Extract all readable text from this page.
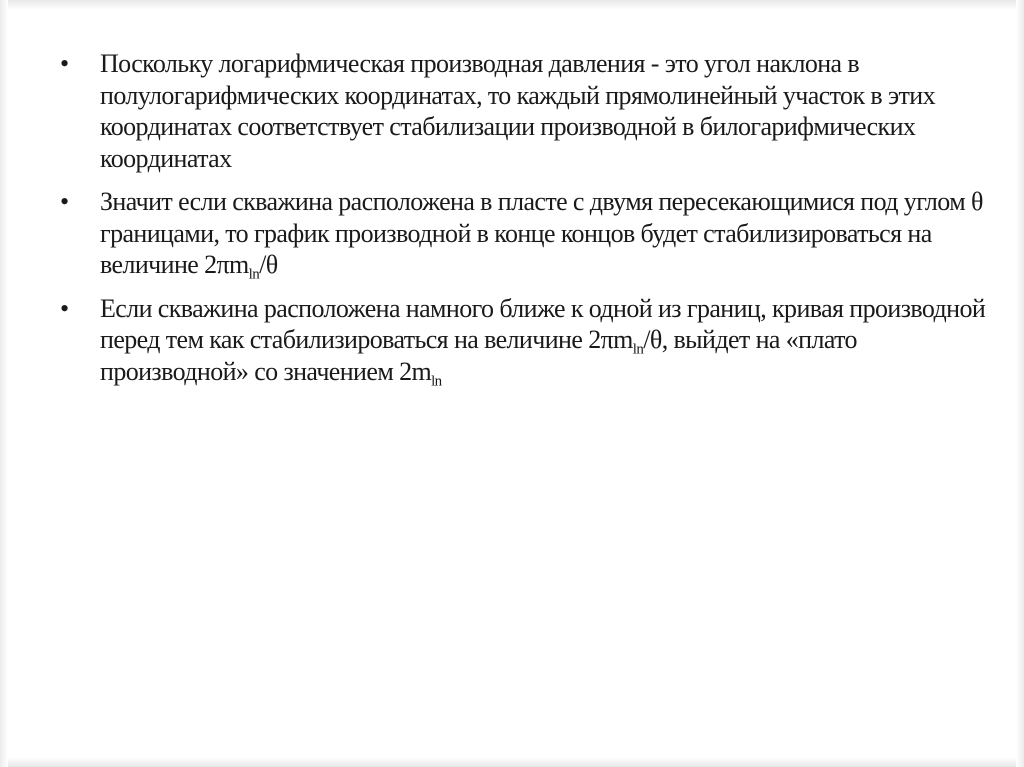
•	Поскольку логарифмическая производная давления - это угол наклона в полулогарифмических координатах, то каждый прямолинейный участок в этих координатах соответствует стабилизации производной в билогарифмических координатах
•	Значит если скважина расположена в пласте с двумя пересекающимися под углом θ границами, то график производной в конце концов будет стабилизироваться на величине $2\pi m_{ln}/\theta$
•	Если скважина расположена намного ближе к одной из границ, кривая производной перед тем как стабилизироваться на величине $2\pi m_{ln}/\theta$, выйдет на «плато производной» со значением $2m_{ln}$
